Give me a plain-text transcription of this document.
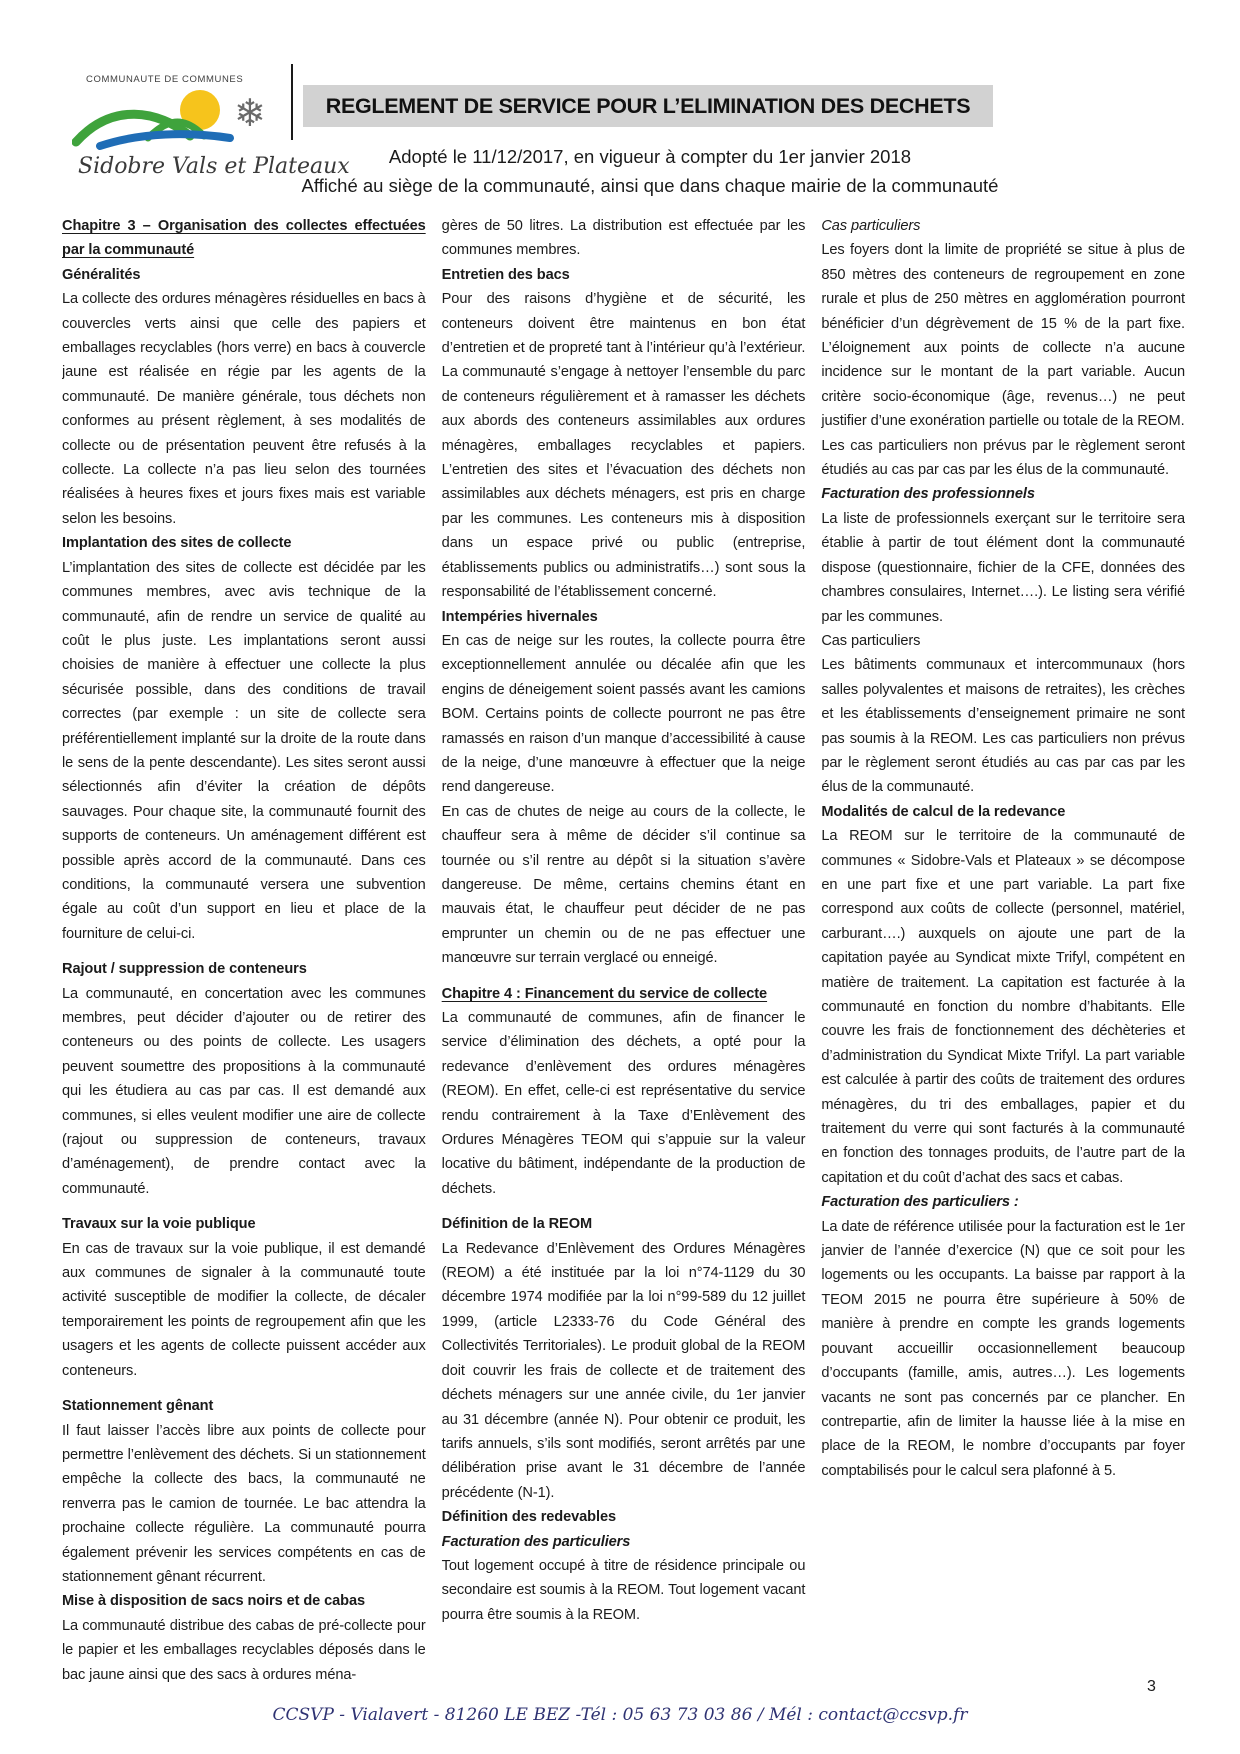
COMMUNAUTE DE COMMUNES
❄
Sidobre Vals et Plateaux
REGLEMENT DE SERVICE POUR L’ELIMINATION DES DECHETS
Adopté le 11/12/2017, en vigueur à compter du 1er janvier 2018
Affiché au siège de la communauté, ainsi que dans chaque mairie de la communauté
Chapitre 3 – Organisation des collectes effectuées par la communauté
Généralités
La collecte des ordures ménagères résiduelles en bacs à couvercles verts ainsi que celle des papiers et emballages recyclables (hors verre) en bacs à couvercle jaune est réalisée en régie par les agents de la communauté. De manière générale, tous déchets non conformes au présent règlement, à ses modalités de collecte ou de présentation peuvent être refusés à la collecte. La collecte n’a pas lieu selon des tournées réalisées à heures fixes et jours fixes mais est variable selon les besoins.
Implantation des sites de collecte
L’implantation des sites de collecte est décidée par les communes membres, avec avis technique de la communauté, afin de rendre un service de qualité au coût le plus juste. Les implantations seront aussi choisies de manière à effectuer une collecte la plus sécurisée possible, dans des conditions de travail correctes (par exemple : un site de collecte sera préférentiellement implanté sur la droite de la route dans le sens de la pente descendante). Les sites seront aussi sélectionnés afin d’éviter la création de dépôts sauvages. Pour chaque site, la communauté fournit des supports de conteneurs. Un aménagement différent est possible après accord de la communauté. Dans ces conditions, la communauté versera une subvention égale au coût d’un support en lieu et place de la fourniture de celui-ci.
Rajout / suppression de conteneurs
La communauté, en concertation avec les communes membres, peut décider d’ajouter ou de retirer des conteneurs ou des points de collecte. Les usagers peuvent soumettre des propositions à la communauté qui les étudiera au cas par cas. Il est demandé aux communes, si elles veulent modifier une aire de collecte (rajout ou suppression de conteneurs, travaux d’aménagement), de prendre contact avec la communauté.
Travaux sur la voie publique
En cas de travaux sur la voie publique, il est demandé aux communes de signaler à la communauté toute activité susceptible de modifier la collecte, de décaler temporairement les points de regroupement afin que les usagers et les agents de collecte puissent accéder aux conteneurs.
Stationnement gênant
Il faut laisser l’accès libre aux points de collecte pour permettre l’enlèvement des déchets. Si un stationnement empêche la collecte des bacs, la communauté ne renverra pas le camion de tournée. Le bac attendra la prochaine collecte régulière. La communauté pourra également prévenir les services compétents en cas de stationnement gênant récurrent.
Mise à disposition de sacs noirs et de cabas
La communauté distribue des cabas de pré-collecte pour le papier et les emballages recyclables déposés dans le bac jaune ainsi que des sacs à ordures ména-
gères de 50 litres. La distribution est effectuée par les communes membres.
Entretien des bacs
Pour des raisons d’hygiène et de sécurité, les conteneurs doivent être maintenus en bon état d’entretien et de propreté tant à l’intérieur qu’à l’extérieur. La communauté s’engage à nettoyer l’ensemble du parc de conteneurs régulièrement et à ramasser les déchets aux abords des conteneurs assimilables aux ordures ménagères, emballages recyclables et papiers. L’entretien des sites et l’évacuation des déchets non assimilables aux déchets ménagers, est pris en charge par les communes. Les conteneurs mis à disposition dans un espace privé ou public (entreprise, établissements publics ou administratifs…) sont sous la responsabilité de l’établissement concerné.
Intempéries hivernales
En cas de neige sur les routes, la collecte pourra être exceptionnellement annulée ou décalée afin que les engins de déneigement soient passés avant les camions BOM. Certains points de collecte pourront ne pas être ramassés en raison d’un manque d’accessibilité à cause de la neige, d’une manœuvre à effectuer que la neige rend dangereuse.
En cas de chutes de neige au cours de la collecte, le chauffeur sera à même de décider s’il continue sa tournée ou s’il rentre au dépôt si la situation s’avère dangereuse. De même, certains chemins étant en mauvais état, le chauffeur peut décider de ne pas emprunter un chemin ou de ne pas effectuer une manœuvre sur terrain verglacé ou enneigé.
Chapitre 4 : Financement du service de collecte
La communauté de communes, afin de financer le service d’élimination des déchets, a opté pour la redevance d’enlèvement des ordures ménagères (REOM). En effet, celle-ci est représentative du service rendu contrairement à la Taxe d’Enlèvement des Ordures Ménagères TEOM qui s’appuie sur la valeur locative du bâtiment, indépendante de la production de déchets.
Définition de la REOM
La Redevance d’Enlèvement des Ordures Ménagères (REOM) a été instituée par la loi n°74-1129 du 30 décembre 1974 modifiée par la loi n°99-589 du 12 juillet 1999, (article L2333-76 du Code Général des Collectivités Territoriales). Le produit global de la REOM doit couvrir les frais de collecte et de traitement des déchets ménagers sur une année civile, du 1er janvier au 31 décembre (année N). Pour obtenir ce produit, les tarifs annuels, s’ils sont modifiés, seront arrêtés par une délibération prise avant le 31 décembre de l’année précédente (N-1).
Définition des redevables
Facturation des particuliers
Tout logement occupé à titre de résidence principale ou secondaire est soumis à la REOM. Tout logement vacant pourra être soumis à la REOM.
Cas particuliers
Les foyers dont la limite de propriété se situe à plus de 850 mètres des conteneurs de regroupement en zone rurale et plus de 250 mètres en agglomération pourront bénéficier d’un dégrèvement de 15 % de la part fixe. L’éloignement aux points de collecte n’a aucune incidence sur le montant de la part variable. Aucun critère socio-économique (âge, revenus…) ne peut justifier d’une exonération partielle ou totale de la REOM.
Les cas particuliers non prévus par le règlement seront étudiés au cas par cas par les élus de la communauté.
Facturation des professionnels
La liste de professionnels exerçant sur le territoire sera établie à partir de tout élément dont la communauté dispose (questionnaire, fichier de la CFE, données des chambres consulaires, Internet….). Le listing sera vérifié par les communes.
Cas particuliers
Les bâtiments communaux et intercommunaux (hors salles polyvalentes et maisons de retraites), les crèches et les établissements d’enseignement primaire ne sont pas soumis à la REOM. Les cas particuliers non prévus par le règlement seront étudiés au cas par cas par les élus de la communauté.
Modalités de calcul de la redevance
La REOM sur le territoire de la communauté de communes « Sidobre-Vals et Plateaux » se décompose en une part fixe et une part variable. La part fixe correspond aux coûts de collecte (personnel, matériel, carburant….) auxquels on ajoute une part de la capitation payée au Syndicat mixte Trifyl, compétent en matière de traitement. La capitation est facturée à la communauté en fonction du nombre d’habitants. Elle couvre les frais de fonctionnement des déchèteries et d’administration du Syndicat Mixte Trifyl. La part variable est calculée à partir des coûts de traitement des ordures ménagères, du tri des emballages, papier et du traitement du verre qui sont facturés à la communauté en fonction des tonnages produits, de l’autre part de la capitation et du coût d’achat des sacs et cabas.
Facturation des particuliers :
La date de référence utilisée pour la facturation est le 1er janvier de l’année d’exercice (N) que ce soit pour les logements ou les occupants. La baisse par rapport à la TEOM 2015 ne pourra être supérieure à 50% de manière à prendre en compte les grands logements pouvant accueillir occasionnellement beaucoup d’occupants (famille, amis, autres…). Les logements vacants ne sont pas concernés par ce plancher. En contrepartie, afin de limiter la hausse liée à la mise en place de la REOM, le nombre d’occupants par foyer comptabilisés pour le calcul sera plafonné à 5.
CCSVP - Vialavert - 81260 LE BEZ -Tél : 05 63 73 03 86 / Mél : contact@ccsvp.fr
3
